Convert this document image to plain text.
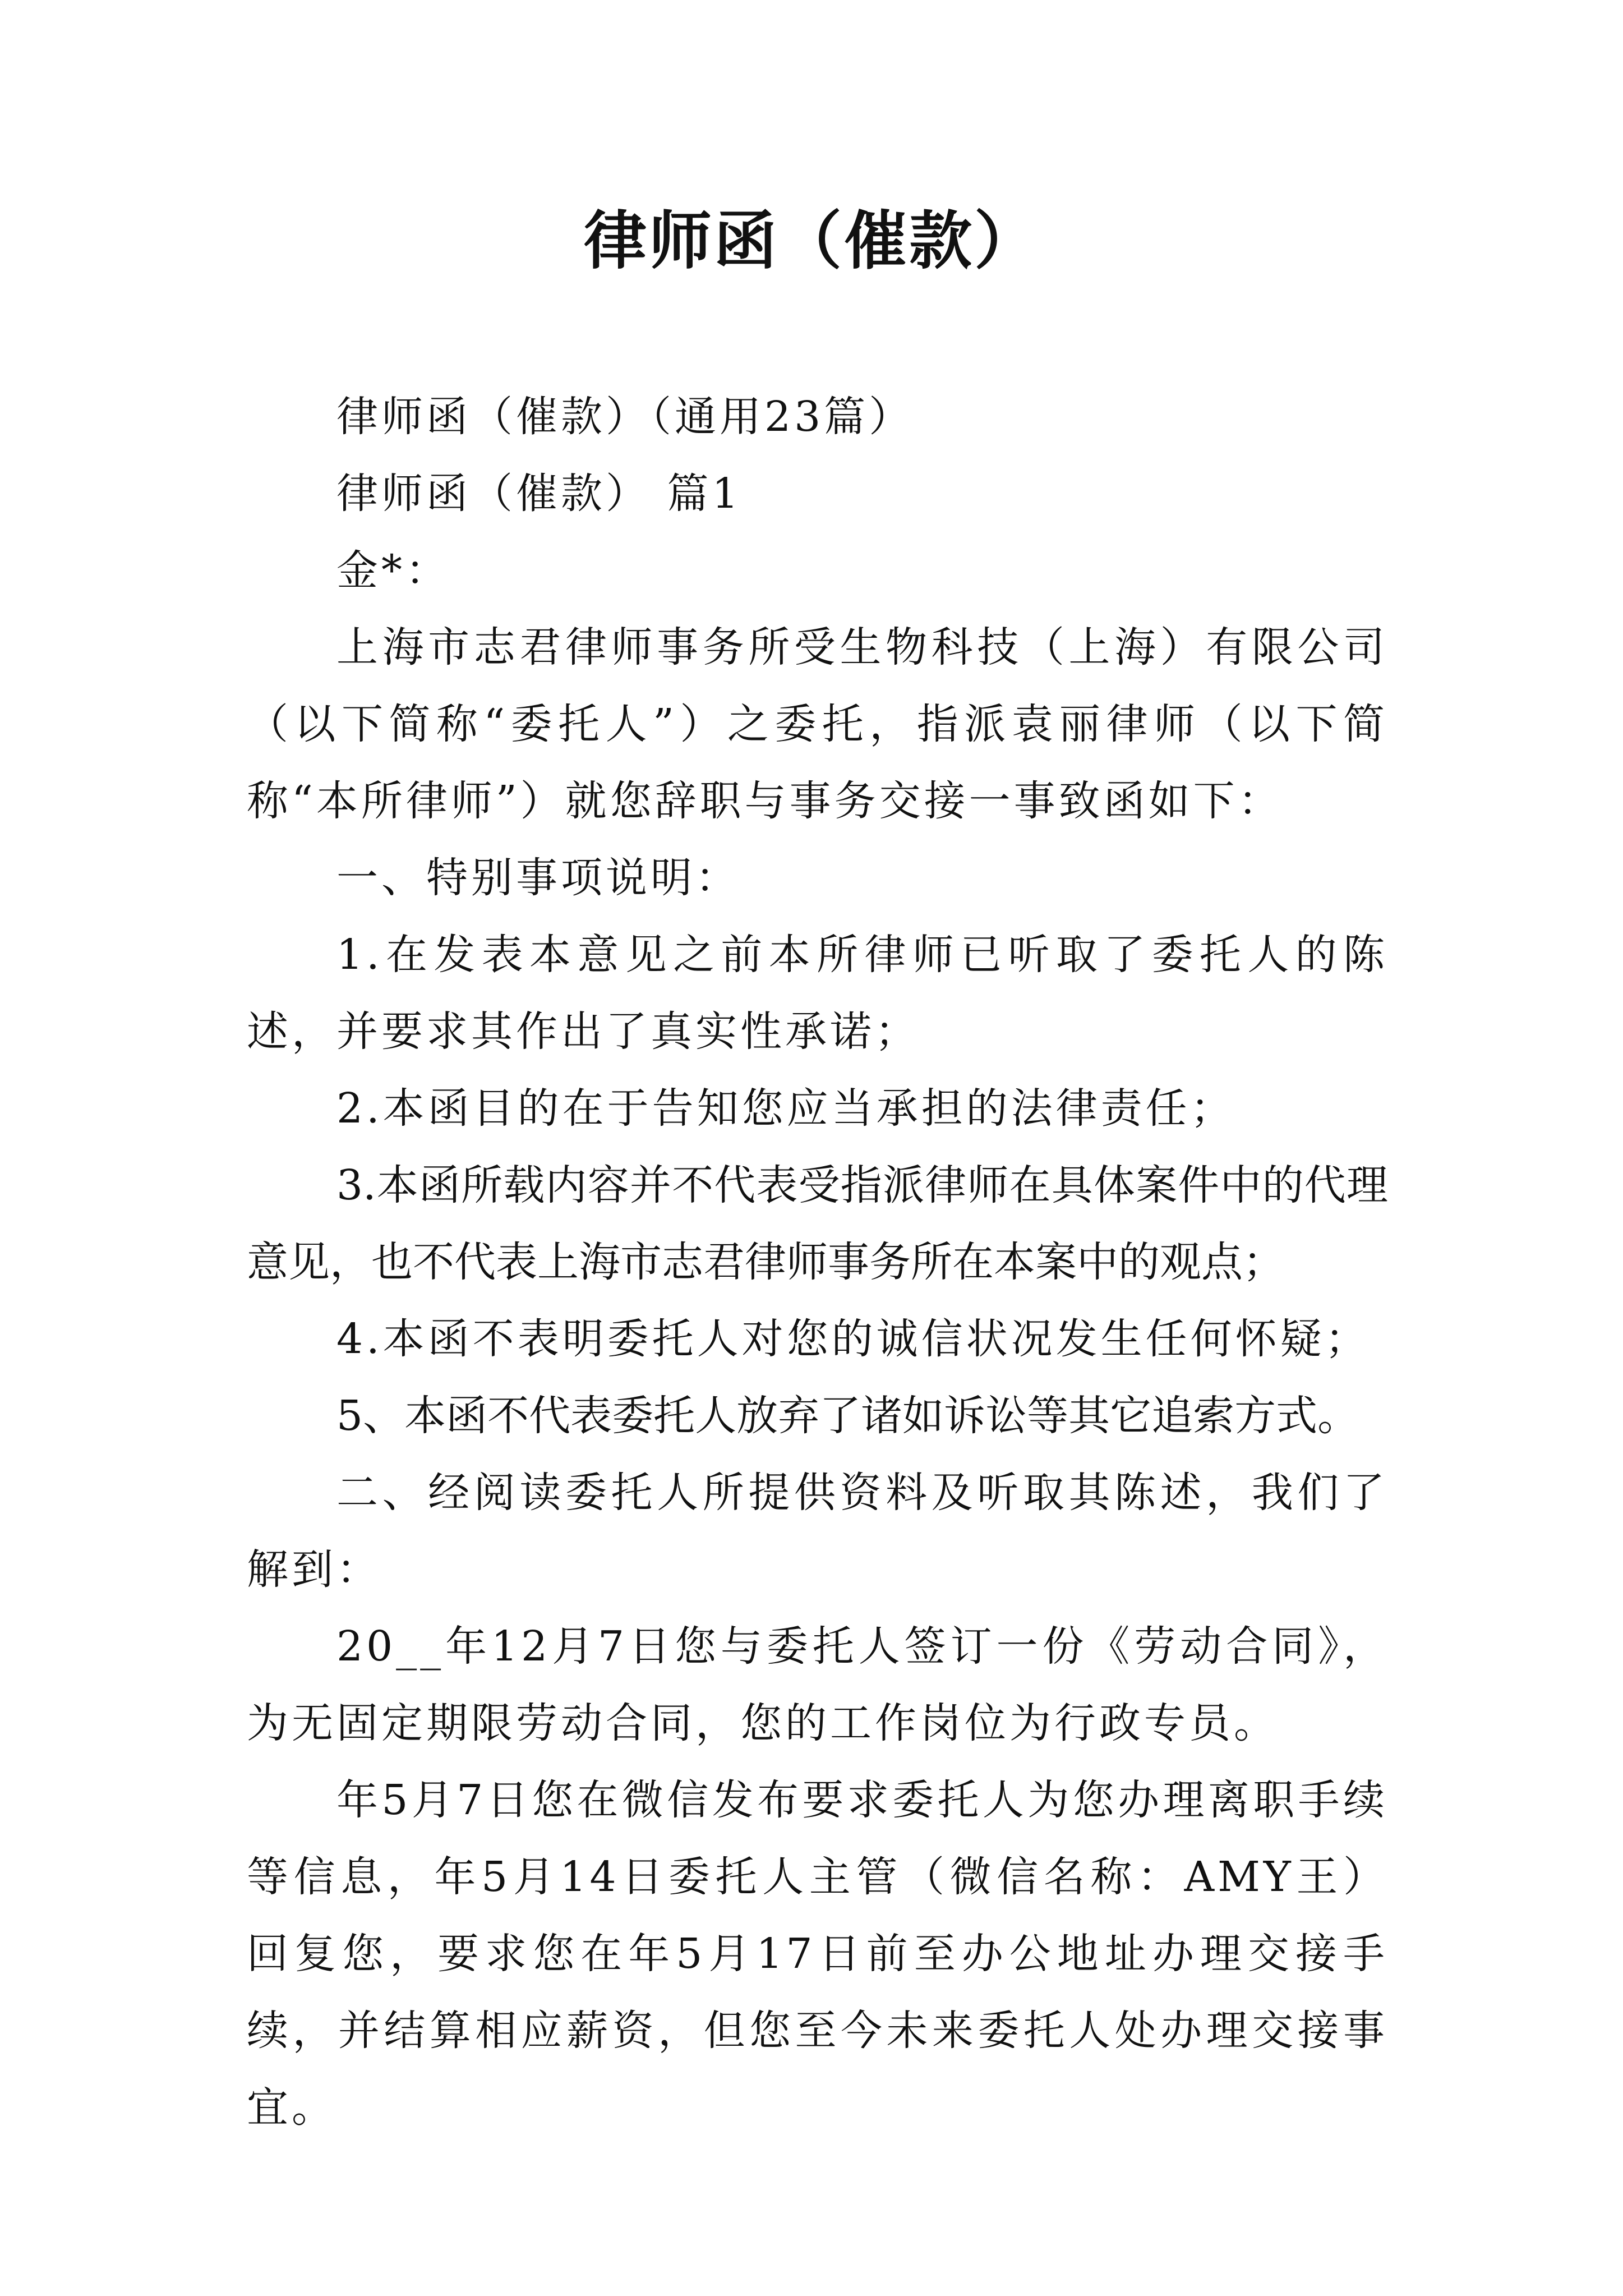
律师函（催款）

律师函（催款）（通用23篇）

律师函（催款） 篇1

金*：

上海市志君律师事务所受生物科技（上海）有限公司（以下简称“委托人”）之委托，指派袁丽律师（以下简称“本所律师”）就您辞职与事务交接一事致函如下：

一、特别事项说明：

1.在发表本意见之前本所律师已听取了委托人的陈述，并要求其作出了真实性承诺；

2.本函目的在于告知您应当承担的法律责任；

3.本函所载内容并不代表受指派律师在具体案件中的代理意见，也不代表上海市志君律师事务所在本案中的观点；

4.本函不表明委托人对您的诚信状况发生任何怀疑；

5、本函不代表委托人放弃了诸如诉讼等其它追索方式。

二、经阅读委托人所提供资料及听取其陈述，我们了解到：

20__年12月7日您与委托人签订一份《劳动合同》，为无固定期限劳动合同，您的工作岗位为行政专员。

年5月7日您在微信发布要求委托人为您办理离职手续等信息，年5月14日委托人主管（微信名称：AMY王）回复您，要求您在年5月17日前至办公地址办理交接手续，并结算相应薪资，但您至今未来委托人处办理交接事宜。
